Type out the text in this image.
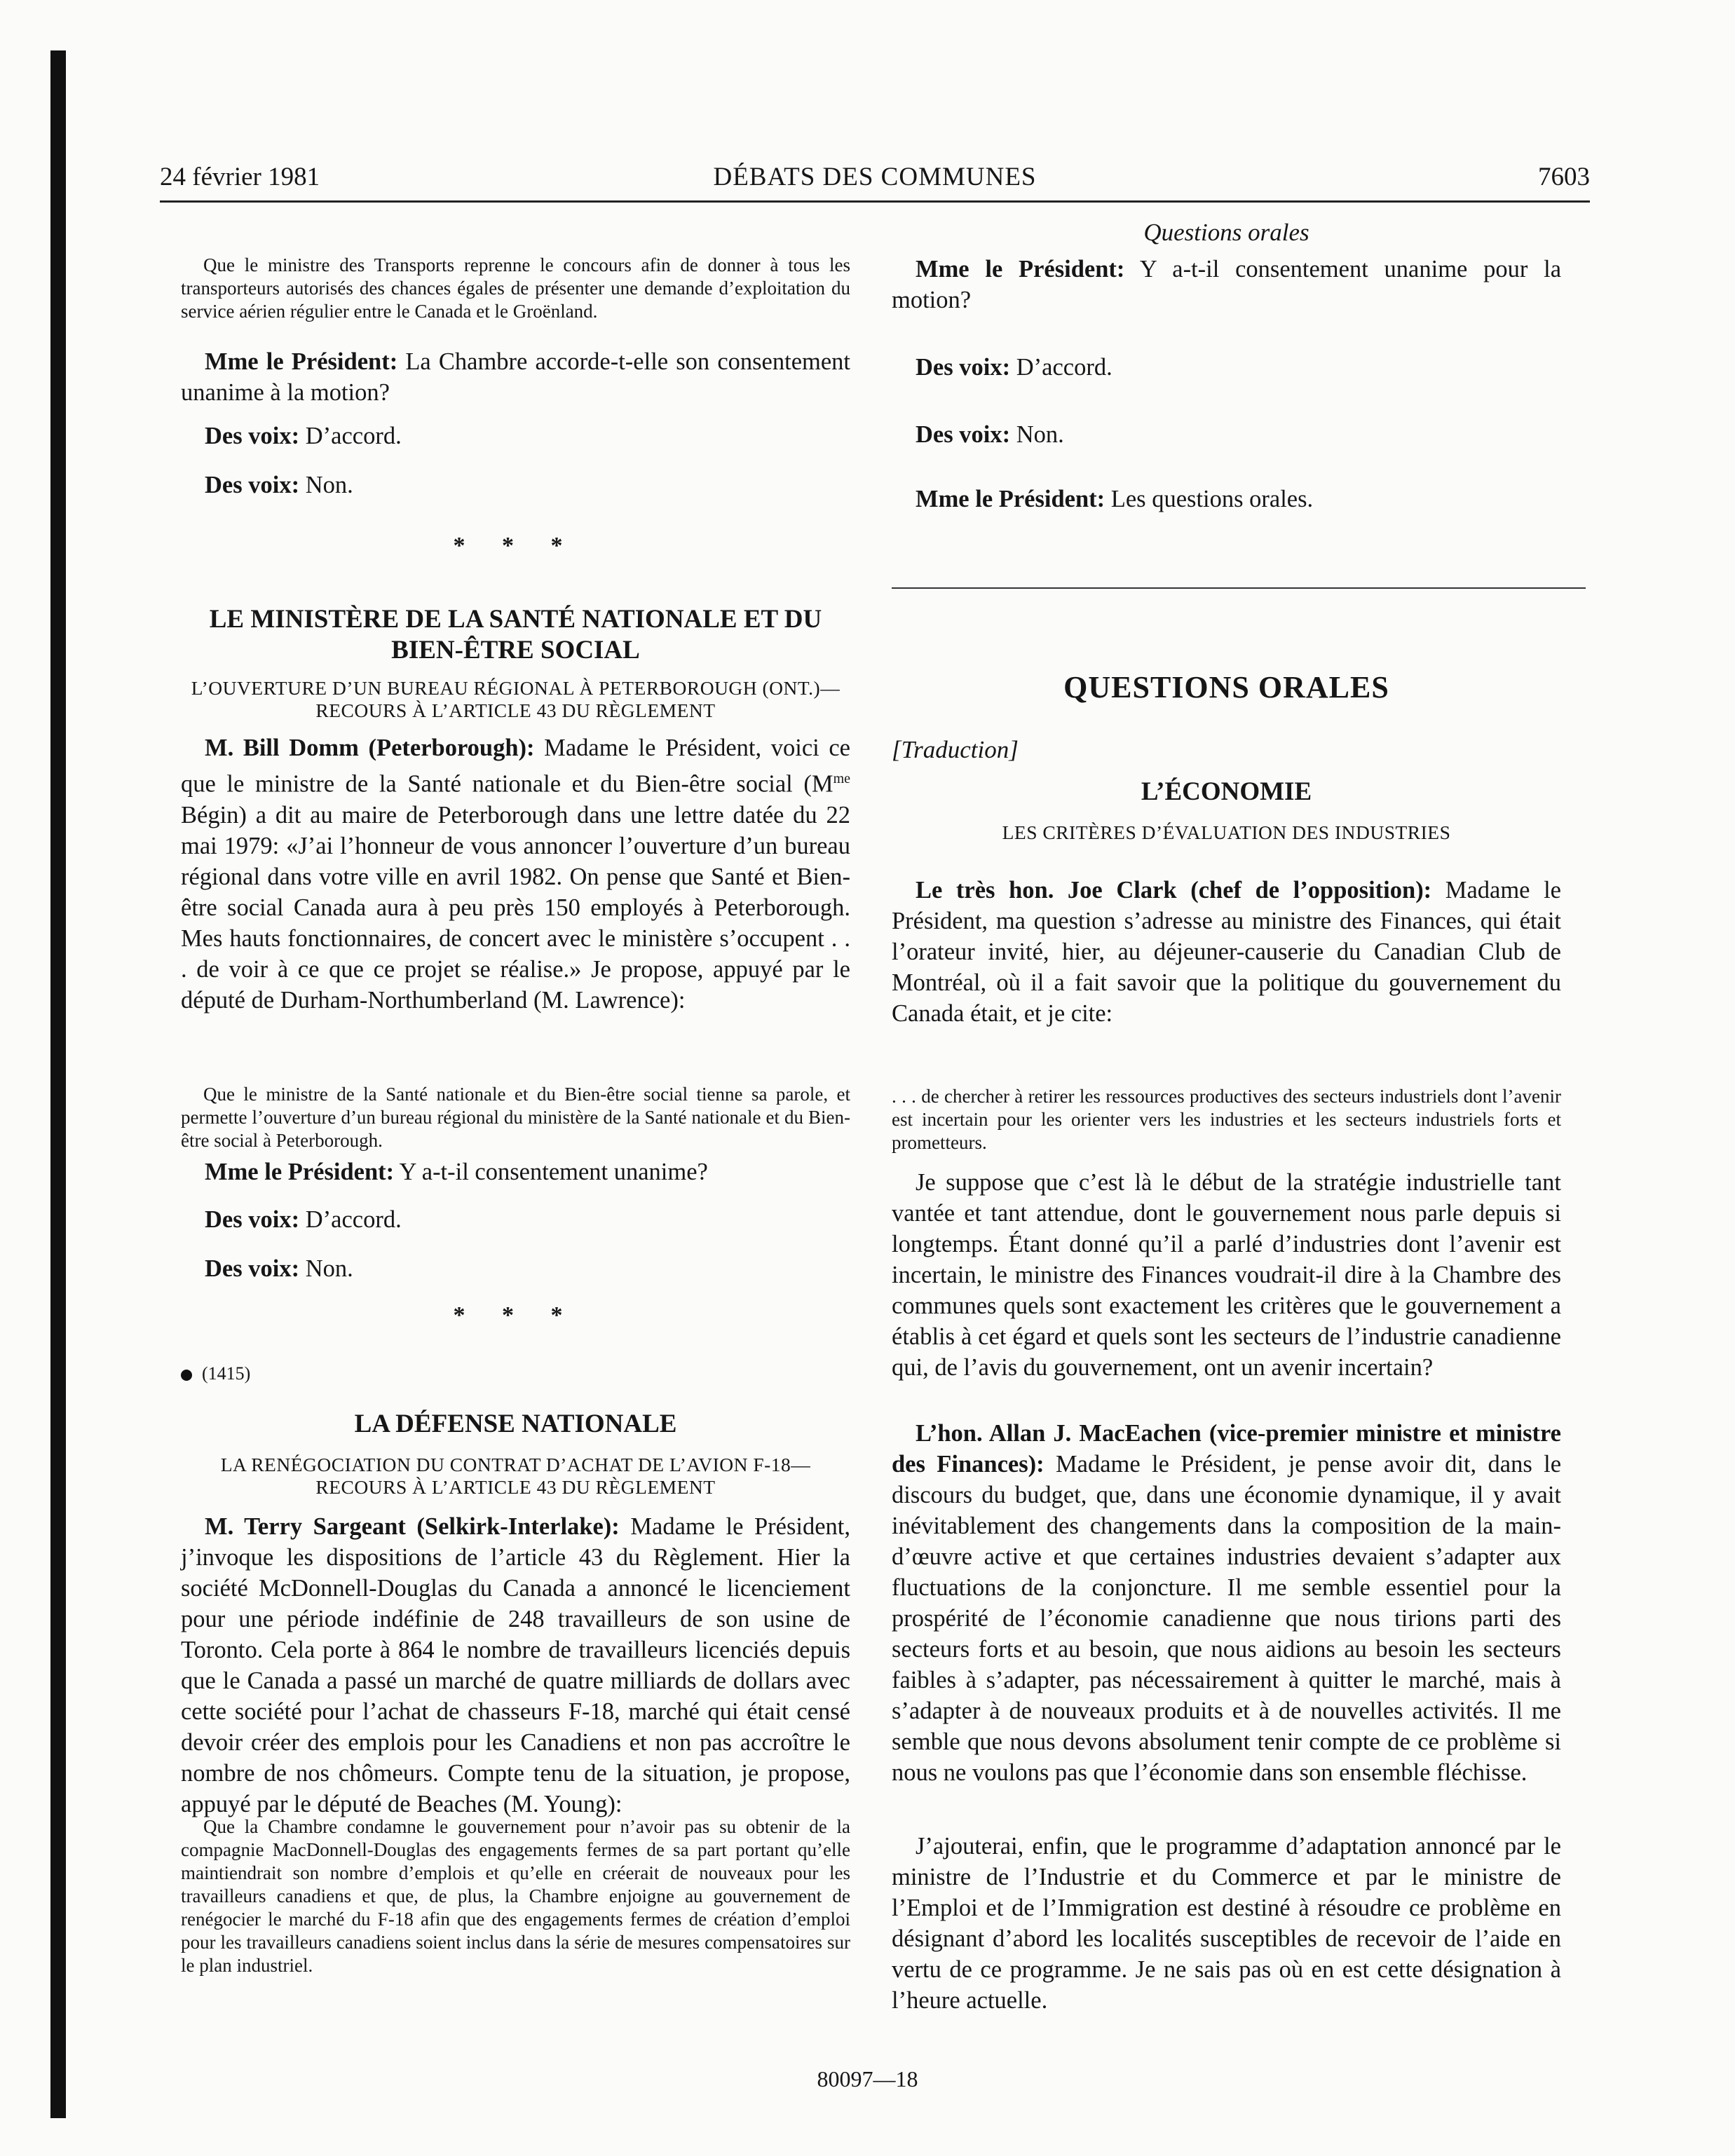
24 février 1981	DÉBATS DES COMMUNES	7603

Que le ministre des Transports reprenne le concours afin de donner à tous les transporteurs autorisés des chances égales de présenter une demande d’exploitation du service aérien régulier entre le Canada et le Groënland.

Mme le Président: La Chambre accorde-t-elle son consentement unanime à la motion?

Des voix: D’accord.

Des voix: Non.

* * *

LE MINISTÈRE DE LA SANTÉ NATIONALE ET DU BIEN-ÊTRE SOCIAL

L’OUVERTURE D’UN BUREAU RÉGIONAL À PETERBOROUGH (ONT.)—RECOURS À L’ARTICLE 43 DU RÈGLEMENT

M. Bill Domm (Peterborough): Madame le Président, voici ce que le ministre de la Santé nationale et du Bien-être social ($M^{me}$ Bégin) a dit au maire de Peterborough dans une lettre datée du 22 mai 1979: «J’ai l’honneur de vous annoncer l’ouverture d’un bureau régional dans votre ville en avril 1982. On pense que Santé et Bien-être social Canada aura à peu près 150 employés à Peterborough. Mes hauts fonctionnaires, de concert avec le ministère s’occupent . . . de voir à ce que ce projet se réalise.» Je propose, appuyé par le député de Durham-Northumberland (M. Lawrence):

Que le ministre de la Santé nationale et du Bien-être social tienne sa parole, et permette l’ouverture d’un bureau régional du ministère de la Santé nationale et du Bien-être social à Peterborough.

Mme le Président: Y a-t-il consentement unanime?

Des voix: D’accord.

Des voix: Non.

* * *

(1415)

LA DÉFENSE NATIONALE

LA RENÉGOCIATION DU CONTRAT D’ACHAT DE L’AVION F-18—RECOURS À L’ARTICLE 43 DU RÈGLEMENT

M. Terry Sargeant (Selkirk-Interlake): Madame le Président, j’invoque les dispositions de l’article 43 du Règlement. Hier la société McDonnell-Douglas du Canada a annoncé le licenciement pour une période indéfinie de 248 travailleurs de son usine de Toronto. Cela porte à 864 le nombre de travailleurs licenciés depuis que le Canada a passé un marché de quatre milliards de dollars avec cette société pour l’achat de chasseurs F-18, marché qui était censé devoir créer des emplois pour les Canadiens et non pas accroître le nombre de nos chômeurs. Compte tenu de la situation, je propose, appuyé par le député de Beaches (M. Young):

Que la Chambre condamne le gouvernement pour n’avoir pas su obtenir de la compagnie MacDonnell-Douglas des engagements fermes de sa part portant qu’elle maintiendrait son nombre d’emplois et qu’elle en créerait de nouveaux pour les travailleurs canadiens et que, de plus, la Chambre enjoigne au gouvernement de renégocier le marché du F-18 afin que des engagements fermes de création d’emploi pour les travailleurs canadiens soient inclus dans la série de mesures compensatoires sur le plan industriel.

Questions orales

Mme le Président: Y a-t-il consentement unanime pour la motion?

Des voix: D’accord.

Des voix: Non.

Mme le Président: Les questions orales.

QUESTIONS ORALES

[Traduction]

L’ÉCONOMIE

LES CRITÈRES D’ÉVALUATION DES INDUSTRIES

Le très hon. Joe Clark (chef de l’opposition): Madame le Président, ma question s’adresse au ministre des Finances, qui était l’orateur invité, hier, au déjeuner-causerie du Canadian Club de Montréal, où il a fait savoir que la politique du gouvernement du Canada était, et je cite:

. . . de chercher à retirer les ressources productives des secteurs industriels dont l’avenir est incertain pour les orienter vers les industries et les secteurs industriels forts et prometteurs.

Je suppose que c’est là le début de la stratégie industrielle tant vantée et tant attendue, dont le gouvernement nous parle depuis si longtemps. Étant donné qu’il a parlé d’industries dont l’avenir est incertain, le ministre des Finances voudrait-il dire à la Chambre des communes quels sont exactement les critères que le gouvernement a établis à cet égard et quels sont les secteurs de l’industrie canadienne qui, de l’avis du gouvernement, ont un avenir incertain?

L’hon. Allan J. MacEachen (vice-premier ministre et ministre des Finances): Madame le Président, je pense avoir dit, dans le discours du budget, que, dans une économie dynamique, il y avait inévitablement des changements dans la composition de la main-d’œuvre active et que certaines industries devaient s’adapter aux fluctuations de la conjoncture. Il me semble essentiel pour la prospérité de l’économie canadienne que nous tirions parti des secteurs forts et au besoin, que nous aidions au besoin les secteurs faibles à s’adapter, pas nécessairement à quitter le marché, mais à s’adapter à de nouveaux produits et à de nouvelles activités. Il me semble que nous devons absolument tenir compte de ce problème si nous ne voulons pas que l’économie dans son ensemble fléchisse.

J’ajouterai, enfin, que le programme d’adaptation annoncé par le ministre de l’Industrie et du Commerce et par le ministre de l’Emploi et de l’Immigration est destiné à résoudre ce problème en désignant d’abord les localités susceptibles de recevoir de l’aide en vertu de ce programme. Je ne sais pas où en est cette désignation à l’heure actuelle.

80097—18
